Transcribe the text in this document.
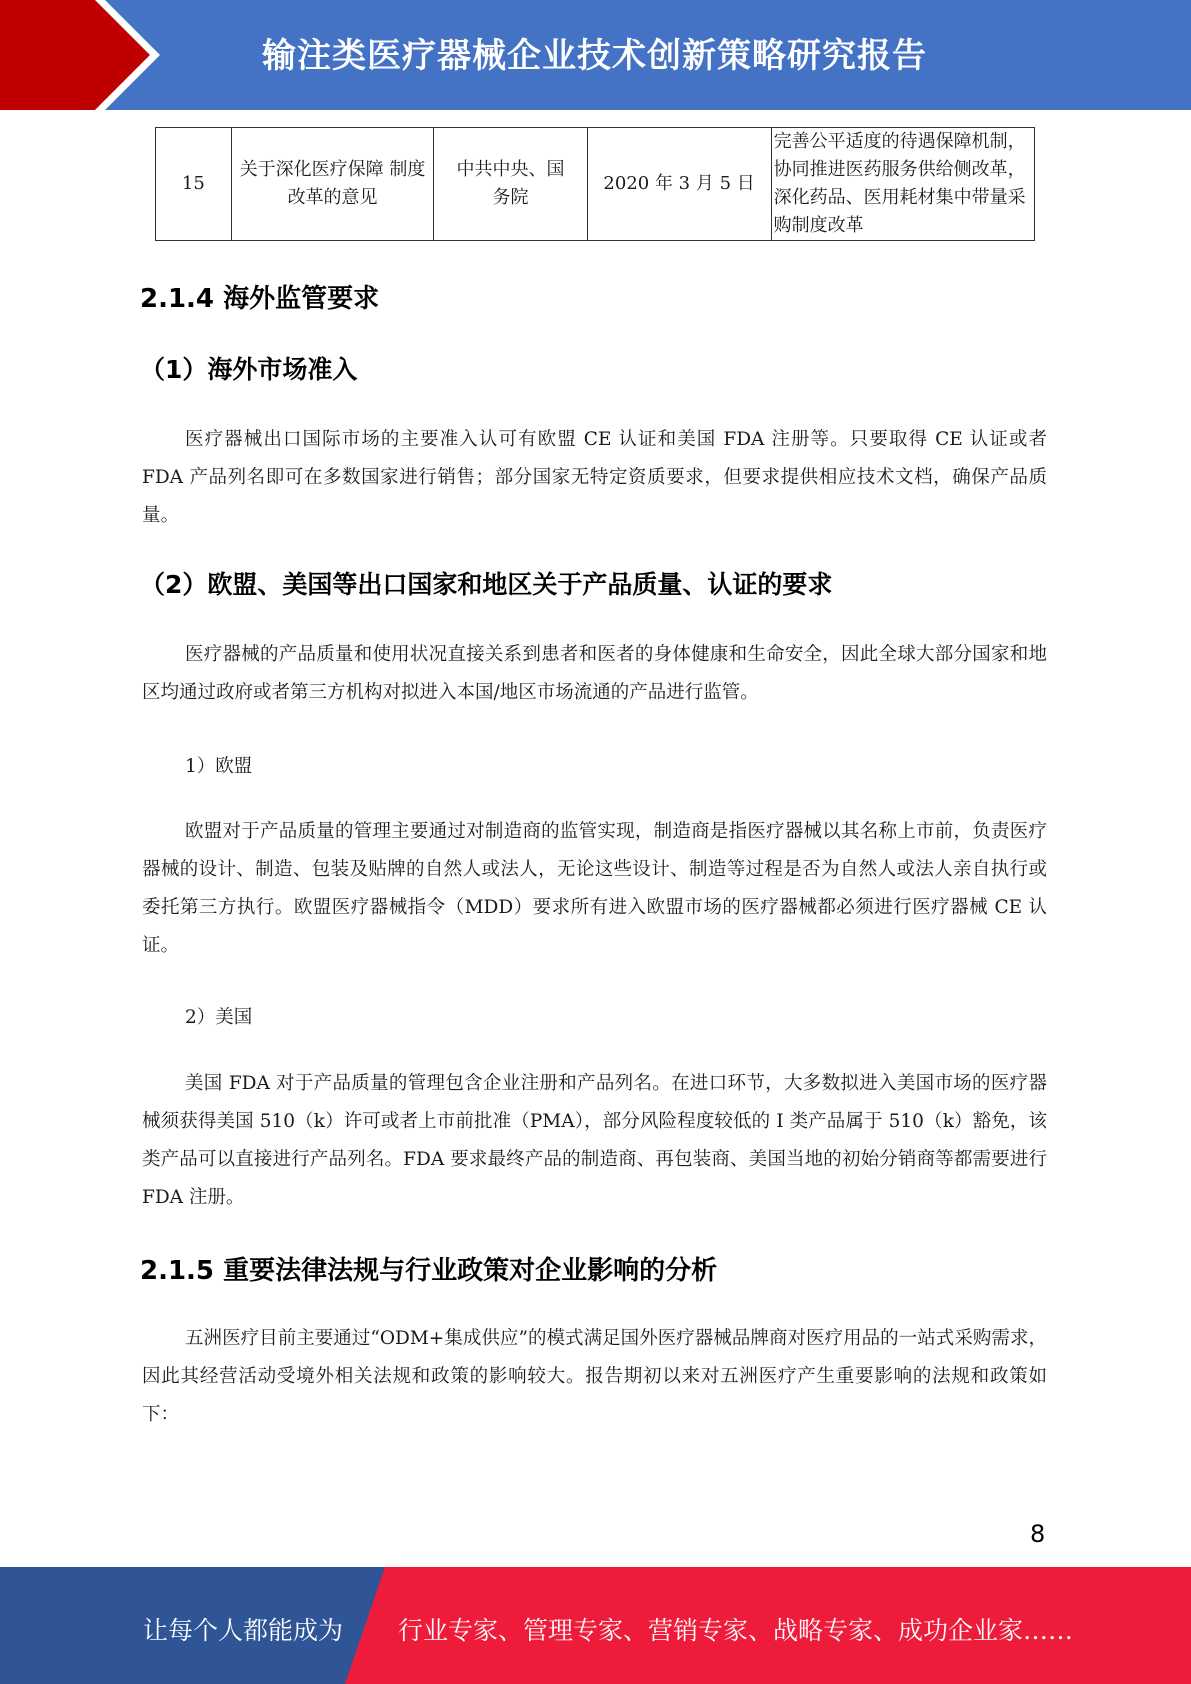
输注类医疗器械企业技术创新策略研究报告
15	关于深化医疗保障 制度改革的意见	中共中央、国务院	2020 年 3 月 5 日	完善公平适度的待遇保障机制，协同推进医药服务供给侧改革，深化药品、医用耗材集中带量采购制度改革
2.1.4 海外监管要求
（1）海外市场准入

医疗器械出口国际市场的主要准入认可有欧盟 CE 认证和美国 FDA 注册等。只要取得 CE 认证或者 FDA 产品列名即可在多数国家进行销售；部分国家无特定资质要求，但要求提供相应技术文档，确保产品质量。

（2）欧盟、美国等出口国家和地区关于产品质量、认证的要求

医疗器械的产品质量和使用状况直接关系到患者和医者的身体健康和生命安全，因此全球大部分国家和地区均通过政府或者第三方机构对拟进入本国/地区市场流通的产品进行监管。

1）欧盟

欧盟对于产品质量的管理主要通过对制造商的监管实现，制造商是指医疗器械以其名称上市前，负责医疗器械的设计、制造、包装及贴牌的自然人或法人，无论这些设计、制造等过程是否为自然人或法人亲自执行或委托第三方执行。欧盟医疗器械指令（MDD）要求所有进入欧盟市场的医疗器械都必须进行医疗器械 CE 认证。

2）美国

美国 FDA 对于产品质量的管理包含企业注册和产品列名。在进口环节，大多数拟进入美国市场的医疗器械须获得美国 510（k）许可或者上市前批准（PMA），部分风险程度较低的 I 类产品属于 510（k）豁免，该类产品可以直接进行产品列名。FDA 要求最终产品的制造商、再包装商、美国当地的初始分销商等都需要进行 FDA 注册。

2.1.5 重要法律法规与行业政策对企业影响的分析

五洲医疗目前主要通过“ODM+集成供应”的模式满足国外医疗器械品牌商对医疗用品的一站式采购需求，因此其经营活动受境外相关法规和政策的影响较大。报告期初以来对五洲医疗产生重要影响的法规和政策如下：

8
让每个人都能成为 行业专家、管理专家、营销专家、战略专家、成功企业家……
